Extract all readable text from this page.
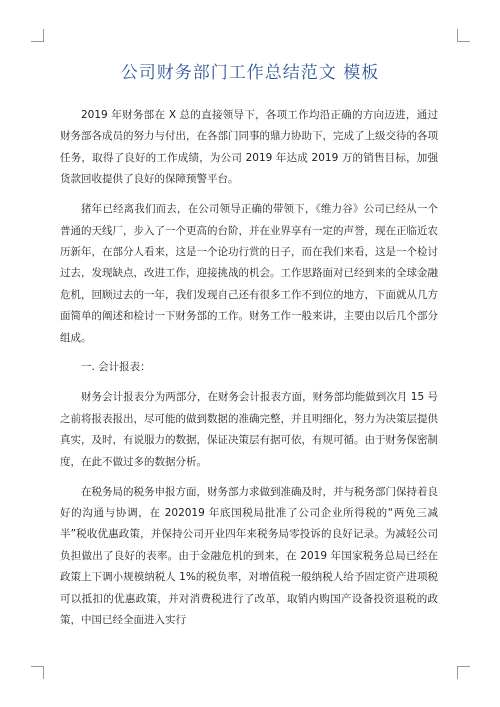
公司财务部门工作总结范文 模板

2019 年财务部在 X 总的直接领导下，各项工作均沿正确的方向迈进，通过财务部各成员的努力与付出，在各部门同事的鼎力协助下，完成了上级交待的各项任务，取得了良好的工作成绩，为公司 2019 年达成 2019 万的销售目标，加强货款回收提供了良好的保障预警平台。

猪年已经离我们而去，在公司领导正确的带领下，《维力谷》公司已经从一个普通的天线厂，步入了一个更高的台阶，并在业界享有一定的声誉，现在正临近农历新年，在部分人看来，这是一个论功行赏的日子，而在我们来看，这是一个检讨过去，发现缺点，改进工作，迎接挑战的机会。工作思路面对已经到来的全球金融危机，回顾过去的一年，我们发现自己还有很多工作不到位的地方，下面就从几方面简单的阐述和检讨一下财务部的工作。财务工作一般来讲，主要由以后几个部分组成。

一. 会计报表：

财务会计报表分为两部分，在财务会计报表方面，财务部均能做到次月 15 号之前将报表报出，尽可能的做到数据的准确完整，并且明细化，努力为决策层提供真实，及时，有说服力的数据，保证决策层有据可依，有规可循。由于财务保密制度，在此不做过多的数据分析。

在税务局的税务申报方面，财务部力求做到准确及时，并与税务部门保持着良好的沟通与协调，在 202019 年底国税局批准了公司企业所得税的“两免三减半”税收优惠政策，并保持公司开业四年来税务局零投诉的良好记录。为减轻公司负担做出了良好的表率。由于金融危机的到来，在 2019 年国家税务总局已经在政策上下调小规模纳税人 1%的税负率，对增值税一般纳税人给予固定资产进项税可以抵扣的优惠政策，并对消费税进行了改革，取销内购国产设备投资退税的政策，中国已经全面进入实行
